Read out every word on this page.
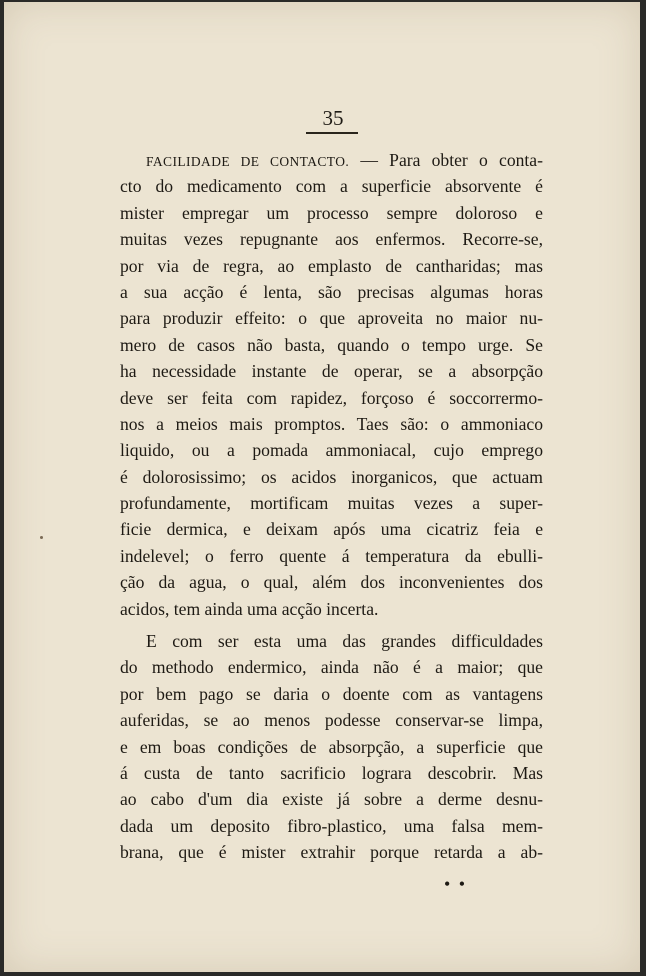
35
FACILIDADE DE CONTACTO. — Para obter o conta-
cto do medicamento com a superficie absorvente é
mister empregar um processo sempre doloroso e
muitas vezes repugnante aos enfermos. Recorre-se,
por via de regra, ao emplasto de cantharidas; mas
a sua acção é lenta, são precisas algumas horas
para produzir effeito: o que aproveita no maior nu-
mero de casos não basta, quando o tempo urge. Se
ha necessidade instante de operar, se a absorpção
deve ser feita com rapidez, forçoso é soccorrermo-
nos a meios mais promptos. Taes são: o ammoniaco
liquido, ou a pomada ammoniacal, cujo emprego
é dolorosissimo; os acidos inorganicos, que actuam
profundamente, mortificam muitas vezes a super-
ficie dermica, e deixam após uma cicatriz feia e
indelevel; o ferro quente á temperatura da ebulli-
ção da agua, o qual, além dos inconvenientes dos
acidos, tem ainda uma acção incerta.
E com ser esta uma das grandes difficuldades
do methodo endermico, ainda não é a maior; que
por bem pago se daria o doente com as vantagens
auferidas, se ao menos podesse conservar-se limpa,
e em boas condições de absorpção, a superficie que
á custa de tanto sacrificio lograra descobrir. Mas
ao cabo d'um dia existe já sobre a derme desnu-
dada um deposito fibro-plastico, uma falsa mem-
brana, que é mister extrahir porque retarda a ab-
• •
